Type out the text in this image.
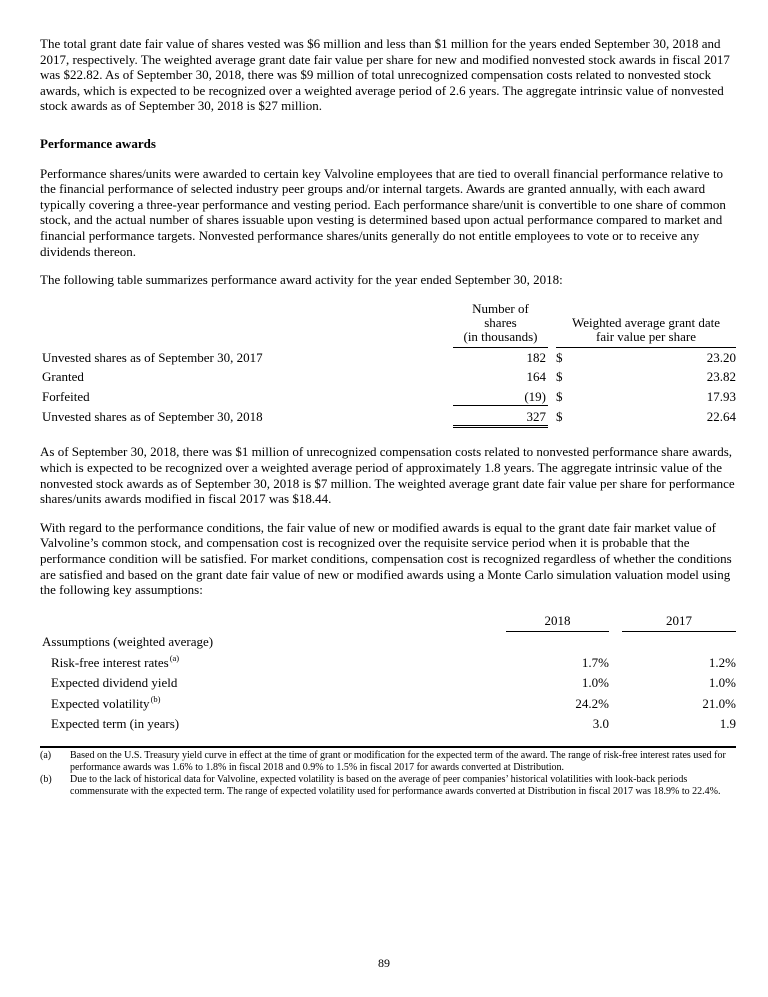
The total grant date fair value of shares vested was $6 million and less than $1 million for the years ended September 30, 2018 and 2017, respectively. The weighted average grant date fair value per share for new and modified nonvested stock awards in fiscal 2017 was $22.82. As of September 30, 2018, there was $9 million of total unrecognized compensation costs related to nonvested stock awards, which is expected to be recognized over a weighted average period of 2.6 years. The aggregate intrinsic value of nonvested stock awards as of September 30, 2018 is $27 million.

Performance awards

Performance shares/units were awarded to certain key Valvoline employees that are tied to overall financial performance relative to the financial performance of selected industry peer groups and/or internal targets. Awards are granted annually, with each award typically covering a three-year performance and vesting period. Each performance share/unit is convertible to one share of common stock, and the actual number of shares issuable upon vesting is determined based upon actual performance compared to market and financial performance targets. Nonvested performance shares/units generally do not entitle employees to vote or to receive any dividends thereon.

The following table summarizes performance award activity for the year ended September 30, 2018:

Number of
shares
(in thousands)
Weighted average grant date
fair value per share
Unvested shares as of September 30, 2017	182 $	23.20
Granted	164 $	23.82
Forfeited	(19) $	17.93
Unvested shares as of September 30, 2018	327 $	22.64

As of September 30, 2018, there was $1 million of unrecognized compensation costs related to nonvested performance share awards, which is expected to be recognized over a weighted average period of approximately 1.8 years. The aggregate intrinsic value of the nonvested stock awards as of September 30, 2018 is $7 million. The weighted average grant date fair value per share for performance shares/units awards modified in fiscal 2017 was $18.44.

With regard to the performance conditions, the fair value of new or modified awards is equal to the grant date fair market value of Valvoline’s common stock, and compensation cost is recognized over the requisite service period when it is probable that the performance condition will be satisfied. For market conditions, compensation cost is recognized regardless of whether the conditions are satisfied and based on the grant date fair value of new or modified awards using a Monte Carlo simulation valuation model using the following key assumptions:

2018	2017
Assumptions (weighted average)
Risk-free interest rates$^{(a)}$	1.7%	1.2%
Expected dividend yield	1.0%	1.0%
Expected volatility$^{(b)}$	24.2%	21.0%
Expected term (in years)	3.0	1.9
(a)	Based on the U.S. Treasury yield curve in effect at the time of grant or modification for the expected term of the award. The range of risk-free interest rates used for performance awards was 1.6% to 1.8% in fiscal 2018 and 0.9% to 1.5% in fiscal 2017 for awards converted at Distribution.
(b)	Due to the lack of historical data for Valvoline, expected volatility is based on the average of peer companies’ historical volatilities with look-back periods commensurate with the expected term. The range of expected volatility used for performance awards converted at Distribution in fiscal 2017 was 18.9% to 22.4%.
89
